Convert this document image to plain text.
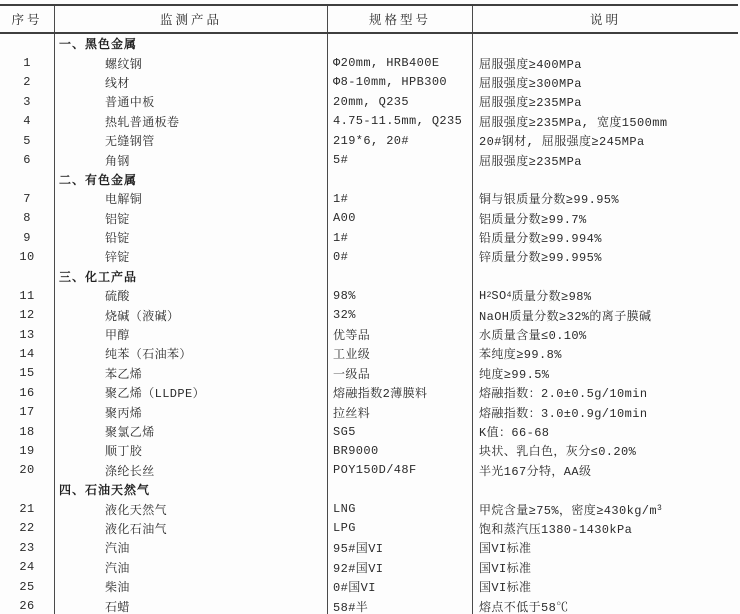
序号	监测产品	规格型号	说明
一、黑色金属
1	螺纹钢	Φ20mm, HRB400E	屈服强度≥400MPa
2	线材	Φ8-10mm, HPB300	屈服强度≥300MPa
3	普通中板	20mm, Q235	屈服强度≥235MPa
4	热轧普通板卷	4.75-11.5mm, Q235	屈服强度≥235MPa, 宽度1500mm
5	无缝钢管	219*6, 20#	20#钢材, 屈服强度≥245MPa
6	角钢	5#	屈服强度≥235MPa
二、有色金属
7	电解铜	1#	铜与银质量分数≥99.95%
8	铝锭	A00	铝质量分数≥99.7%
9	铅锭	1#	铅质量分数≥99.994%
10	锌锭	0#	锌质量分数≥99.995%
三、化工产品
11	硫酸	98%	H 2 SO 4 质量分数≥98%
12	烧碱（液碱）	32%	NaOH质量分数≥32%的离子膜碱
13	甲醇	优等品	水质量含量≤0.10%
14	纯苯（石油苯）	工业级	苯纯度≥99.8%
15	苯乙烯	一级品	纯度≥99.5%
16	聚乙烯（LLDPE）	熔融指数2薄膜料	熔融指数：2.0±0.5g/10min
17	聚丙烯	拉丝料	熔融指数：3.0±0.9g/10min
18	聚氯乙烯	SG5	K值：66-68
19	顺丁胶	BR9000	块状、乳白色，灰分≤0.20%
20	涤纶长丝	POY150D/48F	半光167分特，AA级
四、石油天然气
21	液化天然气	LNG	甲烷含量≥75%，密度≥430kg/m 3
22	液化石油气	LPG	饱和蒸汽压1380-1430kPa
23	汽油	95#国VI	国VI标准
24	汽油	92#国VI	国VI标准
25	柴油	0#国VI	国VI标准
26	石蜡	58#半	熔点不低于58℃
